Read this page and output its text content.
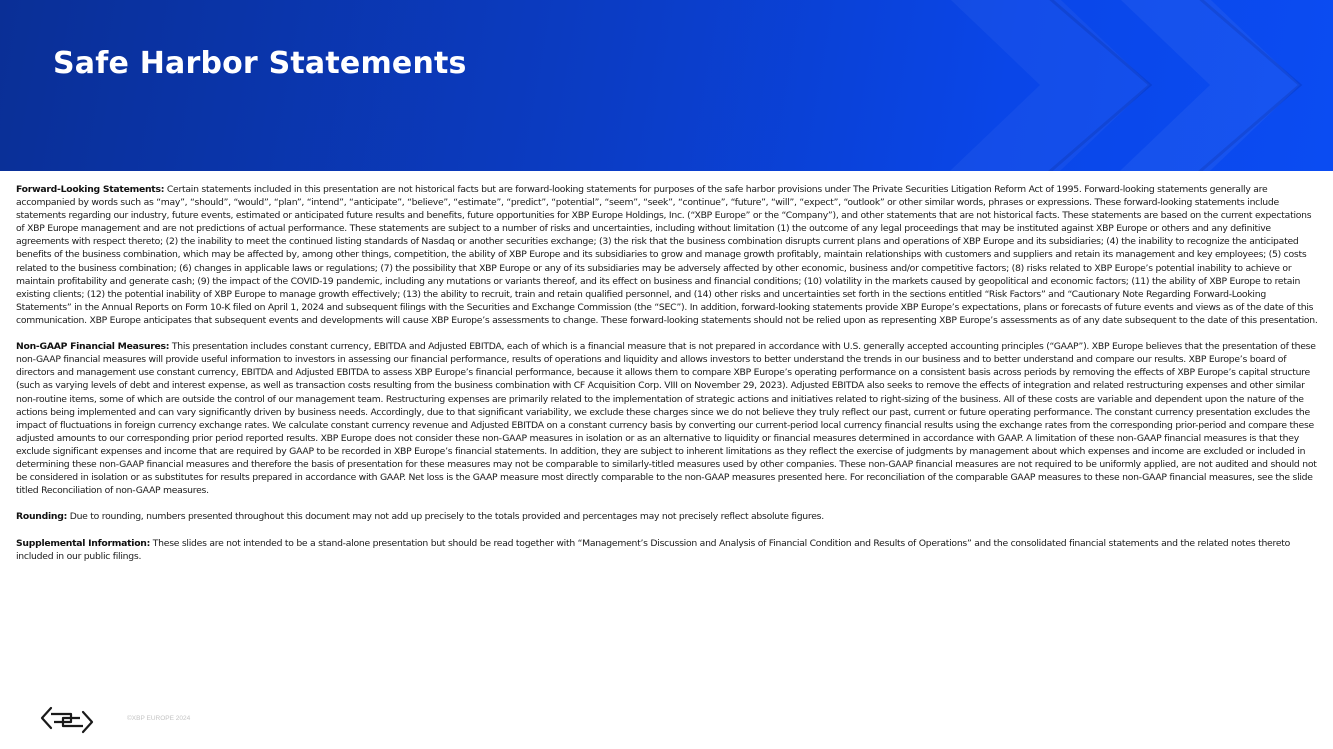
Safe Harbor Statements

Forward-Looking Statements: Certain statements included in this presentation are not historical facts but are forward-looking statements for purposes of the safe harbor provisions under The Private Securities Litigation Reform Act of 1995. Forward-looking statements generally are accompanied by words such as “may”, “should”, “would”, “plan”, “intend”, “anticipate”, “believe”, “estimate”, “predict”, “potential”, “seem”, “seek”, “continue”, “future”, “will”, “expect”, “outlook” or other similar words, phrases or expressions. These forward-looking statements include statements regarding our industry, future events, estimated or anticipated future results and benefits, future opportunities for XBP Europe Holdings, Inc. (“XBP Europe” or the “Company”), and other statements that are not historical facts. These statements are based on the current expectations of XBP Europe management and are not predictions of actual performance. These statements are subject to a number of risks and uncertainties, including without limitation (1) the outcome of any legal proceedings that may be instituted against XBP Europe or others and any definitive agreements with respect thereto; (2) the inability to meet the continued listing standards of Nasdaq or another securities exchange; (3) the risk that the business combination disrupts current plans and operations of XBP Europe and its subsidiaries; (4) the inability to recognize the anticipated benefits of the business combination, which may be affected by, among other things, competition, the ability of XBP Europe and its subsidiaries to grow and manage growth profitably, maintain relationships with customers and suppliers and retain its management and key employees; (5) costs related to the business combination; (6) changes in applicable laws or regulations; (7) the possibility that XBP Europe or any of its subsidiaries may be adversely affected by other economic, business and/or competitive factors; (8) risks related to XBP Europe’s potential inability to achieve or maintain profitability and generate cash; (9) the impact of the COVID-19 pandemic, including any mutations or variants thereof, and its effect on business and financial conditions; (10) volatility in the markets caused by geopolitical and economic factors; (11) the ability of XBP Europe to retain existing clients; (12) the potential inability of XBP Europe to manage growth effectively; (13) the ability to recruit, train and retain qualified personnel, and (14) other risks and uncertainties set forth in the sections entitled “Risk Factors” and “Cautionary Note Regarding Forward-Looking Statements” in the Annual Reports on Form 10-K filed on April 1, 2024 and subsequent filings with the Securities and Exchange Commission (the “SEC”). In addition, forward-looking statements provide XBP Europe’s expectations, plans or forecasts of future events and views as of the date of this communication. XBP Europe anticipates that subsequent events and developments will cause XBP Europe’s assessments to change. These forward-looking statements should not be relied upon as representing XBP Europe’s assessments as of any date subsequent to the date of this presentation.

Non-GAAP Financial Measures: This presentation includes constant currency, EBITDA and Adjusted EBITDA, each of which is a financial measure that is not prepared in accordance with U.S. generally accepted accounting principles (“GAAP”). XBP Europe believes that the presentation of these non-GAAP financial measures will provide useful information to investors in assessing our financial performance, results of operations and liquidity and allows investors to better understand the trends in our business and to better understand and compare our results. XBP Europe’s board of directors and management use constant currency, EBITDA and Adjusted EBITDA to assess XBP Europe’s financial performance, because it allows them to compare XBP Europe’s operating performance on a consistent basis across periods by removing the effects of XBP Europe’s capital structure (such as varying levels of debt and interest expense, as well as transaction costs resulting from the business combination with CF Acquisition Corp. VIII on November 29, 2023). Adjusted EBITDA also seeks to remove the effects of integration and related restructuring expenses and other similar non-routine items, some of which are outside the control of our management team. Restructuring expenses are primarily related to the implementation of strategic actions and initiatives related to right-sizing of the business. All of these costs are variable and dependent upon the nature of the actions being implemented and can vary significantly driven by business needs. Accordingly, due to that significant variability, we exclude these charges since we do not believe they truly reflect our past, current or future operating performance. The constant currency presentation excludes the impact of fluctuations in foreign currency exchange rates. We calculate constant currency revenue and Adjusted EBITDA on a constant currency basis by converting our current-period local currency financial results using the exchange rates from the corresponding prior-period and compare these adjusted amounts to our corresponding prior period reported results. XBP Europe does not consider these non-GAAP measures in isolation or as an alternative to liquidity or financial measures determined in accordance with GAAP. A limitation of these non-GAAP financial measures is that they exclude significant expenses and income that are required by GAAP to be recorded in XBP Europe’s financial statements. In addition, they are subject to inherent limitations as they reflect the exercise of judgments by management about which expenses and income are excluded or included in determining these non-GAAP financial measures and therefore the basis of presentation for these measures may not be comparable to similarly-titled measures used by other companies. These non-GAAP financial measures are not required to be uniformly applied, are not audited and should not be considered in isolation or as substitutes for results prepared in accordance with GAAP. Net loss is the GAAP measure most directly comparable to the non-GAAP measures presented here. For reconciliation of the comparable GAAP measures to these non-GAAP financial measures, see the slide titled Reconciliation of non-GAAP measures.

Rounding: Due to rounding, numbers presented throughout this document may not add up precisely to the totals provided and percentages may not precisely reflect absolute figures.

Supplemental Information: These slides are not intended to be a stand-alone presentation but should be read together with “Management’s Discussion and Analysis of Financial Condition and Results of Operations” and the consolidated financial statements and the related notes thereto included in our public filings.

©XBP EUROPE 2024
